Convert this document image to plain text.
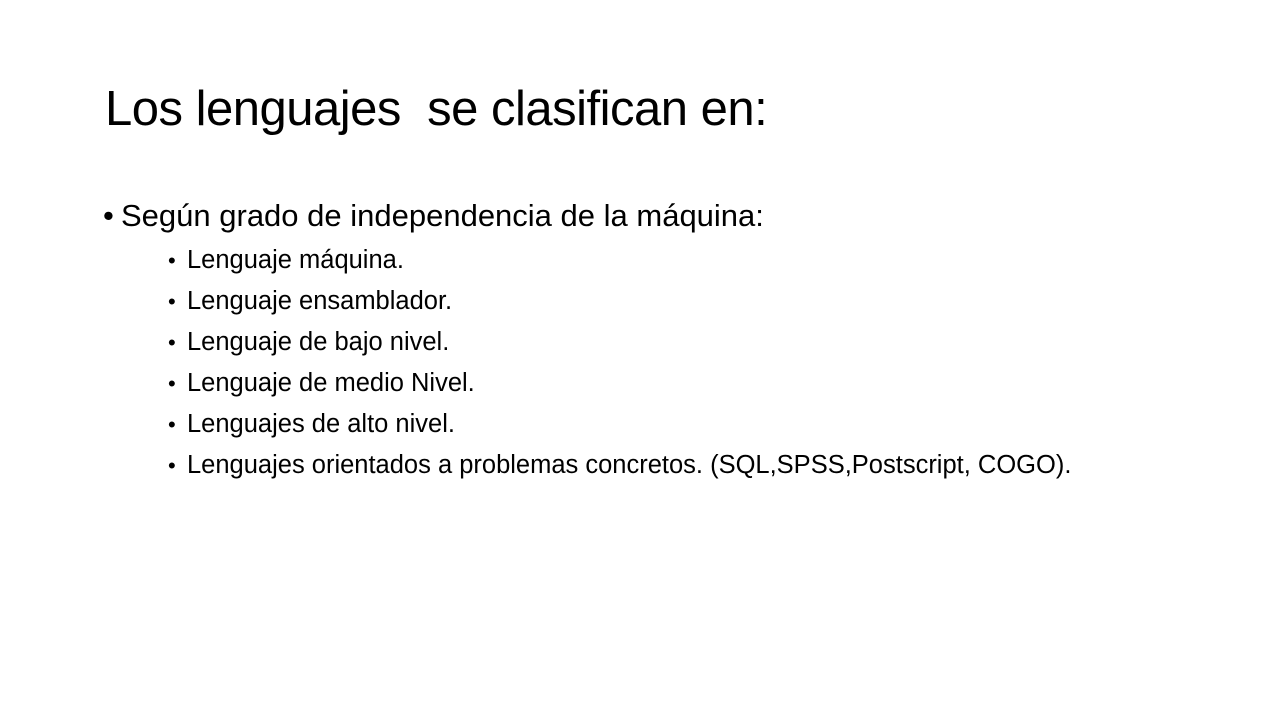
Los lenguajes  se clasifican en:
• Según grado de independencia de la máquina:
• Lenguaje máquina.
• Lenguaje ensamblador.
• Lenguaje de bajo nivel.
• Lenguaje de medio Nivel.
• Lenguajes de alto nivel.
• Lenguajes orientados a problemas concretos. (SQL,SPSS,Postscript, COGO).
